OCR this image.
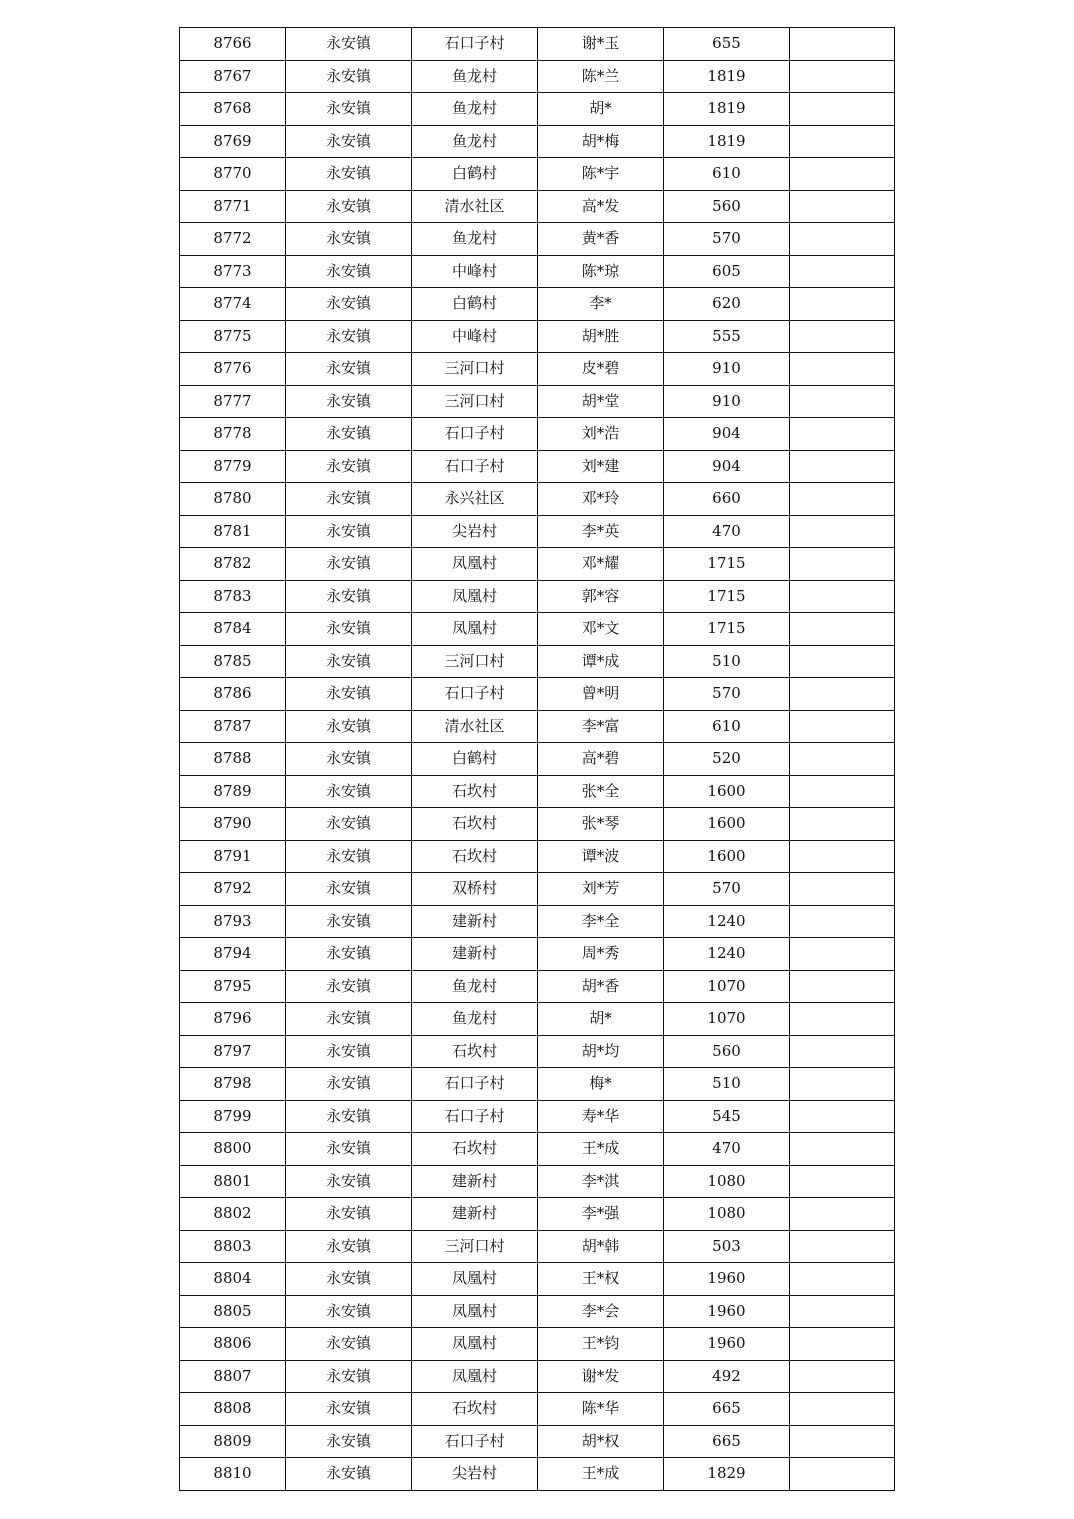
8766	永安镇	石口子村	谢*玉	655	
8767	永安镇	鱼龙村	陈*兰	1819	
8768	永安镇	鱼龙村	胡*	1819	
8769	永安镇	鱼龙村	胡*梅	1819	
8770	永安镇	白鹤村	陈*宇	610	
8771	永安镇	清水社区	高*发	560	
8772	永安镇	鱼龙村	黄*香	570	
8773	永安镇	中峰村	陈*琼	605	
8774	永安镇	白鹤村	李*	620	
8775	永安镇	中峰村	胡*胜	555	
8776	永安镇	三河口村	皮*碧	910	
8777	永安镇	三河口村	胡*堂	910	
8778	永安镇	石口子村	刘*浩	904	
8779	永安镇	石口子村	刘*建	904	
8780	永安镇	永兴社区	邓*玲	660	
8781	永安镇	尖岩村	李*英	470	
8782	永安镇	凤凰村	邓*耀	1715	
8783	永安镇	凤凰村	郭*容	1715	
8784	永安镇	凤凰村	邓*文	1715	
8785	永安镇	三河口村	谭*成	510	
8786	永安镇	石口子村	曾*明	570	
8787	永安镇	清水社区	李*富	610	
8788	永安镇	白鹤村	高*碧	520	
8789	永安镇	石坎村	张*全	1600	
8790	永安镇	石坎村	张*琴	1600	
8791	永安镇	石坎村	谭*波	1600	
8792	永安镇	双桥村	刘*芳	570	
8793	永安镇	建新村	李*全	1240	
8794	永安镇	建新村	周*秀	1240	
8795	永安镇	鱼龙村	胡*香	1070	
8796	永安镇	鱼龙村	胡*	1070	
8797	永安镇	石坎村	胡*均	560	
8798	永安镇	石口子村	梅*	510	
8799	永安镇	石口子村	寿*华	545	
8800	永安镇	石坎村	王*成	470	
8801	永安镇	建新村	李*淇	1080	
8802	永安镇	建新村	李*强	1080	
8803	永安镇	三河口村	胡*韩	503	
8804	永安镇	凤凰村	王*权	1960	
8805	永安镇	凤凰村	李*会	1960	
8806	永安镇	凤凰村	王*钧	1960	
8807	永安镇	凤凰村	谢*发	492	
8808	永安镇	石坎村	陈*华	665	
8809	永安镇	石口子村	胡*权	665	
8810	永安镇	尖岩村	王*成	1829	
